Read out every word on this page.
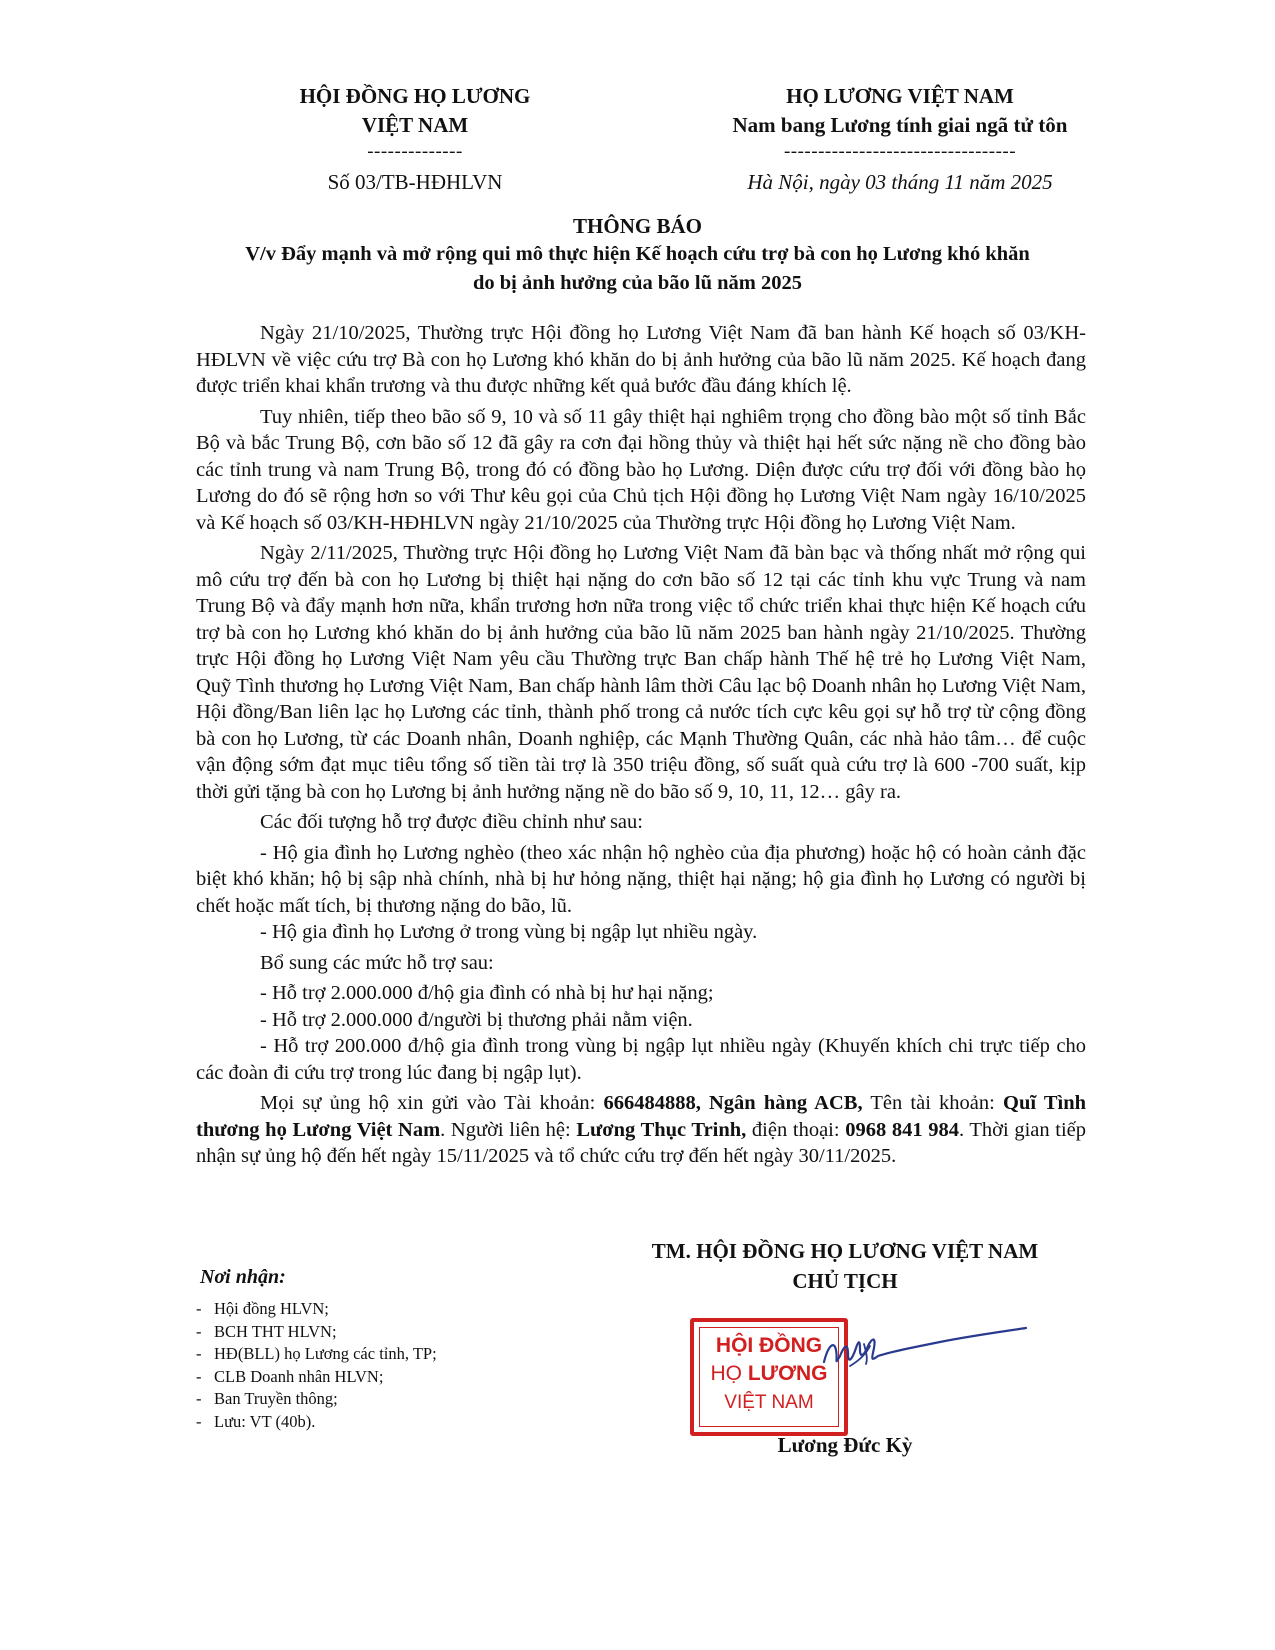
HỘI ĐỒNG HỌ LƯƠNG
VIỆT NAM
--------------
Số 03/TB-HĐHLVN
HỌ LƯƠNG VIỆT NAM
Nam bang Lương tính giai ngã tử tôn
----------------------------------
Hà Nội, ngày 03 tháng 11 năm 2025
THÔNG BÁO
V/v Đẩy mạnh và mở rộng qui mô thực hiện Kế hoạch cứu trợ bà con họ Lương khó khăn
do bị ảnh hưởng của bão lũ năm 2025

Ngày 21/10/2025, Thường trực Hội đồng họ Lương Việt Nam đã ban hành Kế hoạch số 03/KH-HĐLVN về việc cứu trợ Bà con họ Lương khó khăn do bị ảnh hưởng của bão lũ năm 2025. Kế hoạch đang được triển khai khẩn trương và thu được những kết quả bước đầu đáng khích lệ.

Tuy nhiên, tiếp theo bão số 9, 10 và số 11 gây thiệt hại nghiêm trọng cho đồng bào một số tỉnh Bắc Bộ và bắc Trung Bộ, cơn bão số 12 đã gây ra cơn đại hồng thủy và thiệt hại hết sức nặng nề cho đồng bào các tỉnh trung và nam Trung Bộ, trong đó có đồng bào họ Lương. Diện được cứu trợ đối với đồng bào họ Lương do đó sẽ rộng hơn so với Thư kêu gọi của Chủ tịch Hội đồng họ Lương Việt Nam ngày 16/10/2025 và Kế hoạch số 03/KH-HĐHLVN ngày 21/10/2025 của Thường trực Hội đồng họ Lương Việt Nam.

Ngày 2/11/2025, Thường trực Hội đồng họ Lương Việt Nam đã bàn bạc và thống nhất mở rộng qui mô cứu trợ đến bà con họ Lương bị thiệt hại nặng do cơn bão số 12 tại các tỉnh khu vực Trung và nam Trung Bộ và đẩy mạnh hơn nữa, khẩn trương hơn nữa trong việc tổ chức triển khai thực hiện Kế hoạch cứu trợ bà con họ Lương khó khăn do bị ảnh hưởng của bão lũ năm 2025 ban hành ngày 21/10/2025. Thường trực Hội đồng họ Lương Việt Nam yêu cầu Thường trực Ban chấp hành Thế hệ trẻ họ Lương Việt Nam, Quỹ Tình thương họ Lương Việt Nam, Ban chấp hành lâm thời Câu lạc bộ Doanh nhân họ Lương Việt Nam, Hội đồng/Ban liên lạc họ Lương các tỉnh, thành phố trong cả nước tích cực kêu gọi sự hỗ trợ từ cộng đồng bà con họ Lương, từ các Doanh nhân, Doanh nghiệp, các Mạnh Thường Quân, các nhà hảo tâm… để cuộc vận động sớm đạt mục tiêu tổng số tiền tài trợ là 350 triệu đồng, số suất quà cứu trợ là 600 -700 suất, kịp thời gửi tặng bà con họ Lương bị ảnh hưởng nặng nề do bão số 9, 10, 11, 12… gây ra.

Các đối tượng hỗ trợ được điều chỉnh như sau:

- Hộ gia đình họ Lương nghèo (theo xác nhận hộ nghèo của địa phương) hoặc hộ có hoàn cảnh đặc biệt khó khăn; hộ bị sập nhà chính, nhà bị hư hỏng nặng, thiệt hại nặng; hộ gia đình họ Lương có người bị chết hoặc mất tích, bị thương nặng do bão, lũ.

- Hộ gia đình họ Lương ở trong vùng bị ngập lụt nhiều ngày.

Bổ sung các mức hỗ trợ sau:

- Hỗ trợ 2.000.000 đ/hộ gia đình có nhà bị hư hại nặng;

- Hỗ trợ 2.000.000 đ/người bị thương phải nằm viện.

- Hỗ trợ 200.000 đ/hộ gia đình trong vùng bị ngập lụt nhiều ngày (Khuyến khích chi trực tiếp cho các đoàn đi cứu trợ trong lúc đang bị ngập lụt).

Mọi sự ủng hộ xin gửi vào Tài khoản: 666484888, Ngân hàng ACB, Tên tài khoản: Quĩ Tình thương họ Lương Việt Nam. Người liên hệ: Lương Thục Trinh, điện thoại: 0968 841 984. Thời gian tiếp nhận sự ủng hộ đến hết ngày 15/11/2025 và tổ chức cứu trợ đến hết ngày 30/11/2025.

TM. HỘI ĐỒNG HỌ LƯƠNG VIỆT NAM
CHỦ TỊCH
Nơi nhận:
- Hội đồng HLVN;
- BCH THT HLVN;
- HĐ(BLL) họ Lương các tỉnh, TP;
- CLB Doanh nhân HLVN;
- Ban Truyền thông;
- Lưu: VT (40b).
HỘI ĐỒNG
HỌ LƯƠNG
VIỆT NAM
Lương Đức Kỳ
